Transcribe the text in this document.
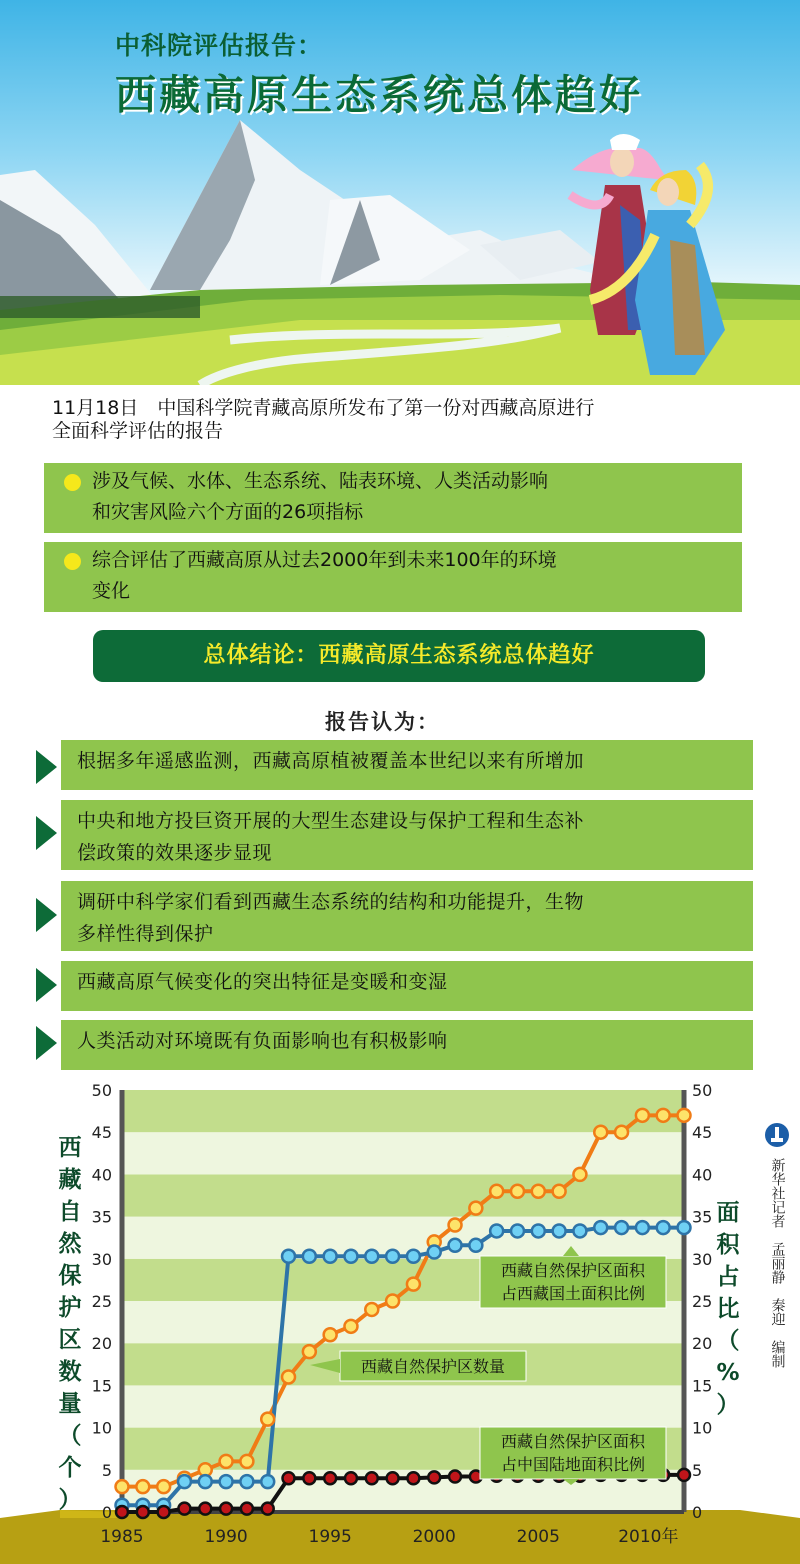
中科院评估报告：
西藏高原生态系统总体趋好
11月18日　中国科学院青藏高原所发布了第一份对西藏高原进行
全面科学评估的报告
涉及气候、水体、生态系统、陆表环境、人类活动影响
和灾害风险六个方面的26项指标
综合评估了西藏高原从过去2000年到未来100年的环境
变化
总体结论：西藏高原生态系统总体趋好
报告认为：
根据多年遥感监测，西藏高原植被覆盖本世纪以来有所增加
中央和地方投巨资开展的大型生态建设与保护工程和生态补
偿政策的效果逐步显现
调研中科学家们看到西藏生态系统的结构和功能提升，生物
多样性得到保护
西藏高原气候变化的突出特征是变暖和变湿
人类活动对环境既有负面影响也有积极影响
0
5
10
15
20
25
30
35
40
45
50
0
5
10
15
20
25
30
35
40
45
50
1985	1990	1995	2000	2005	2010年
西
藏
自
然
保
护
区
数
量
（
个
）
面
积
占
比
（
%
）
西藏自然保护区面积
占西藏国土面积比例
西藏自然保护区数量
西藏自然保护区面积
占中国陆地面积比例
新华社记者　孟丽静　秦迎　编制
